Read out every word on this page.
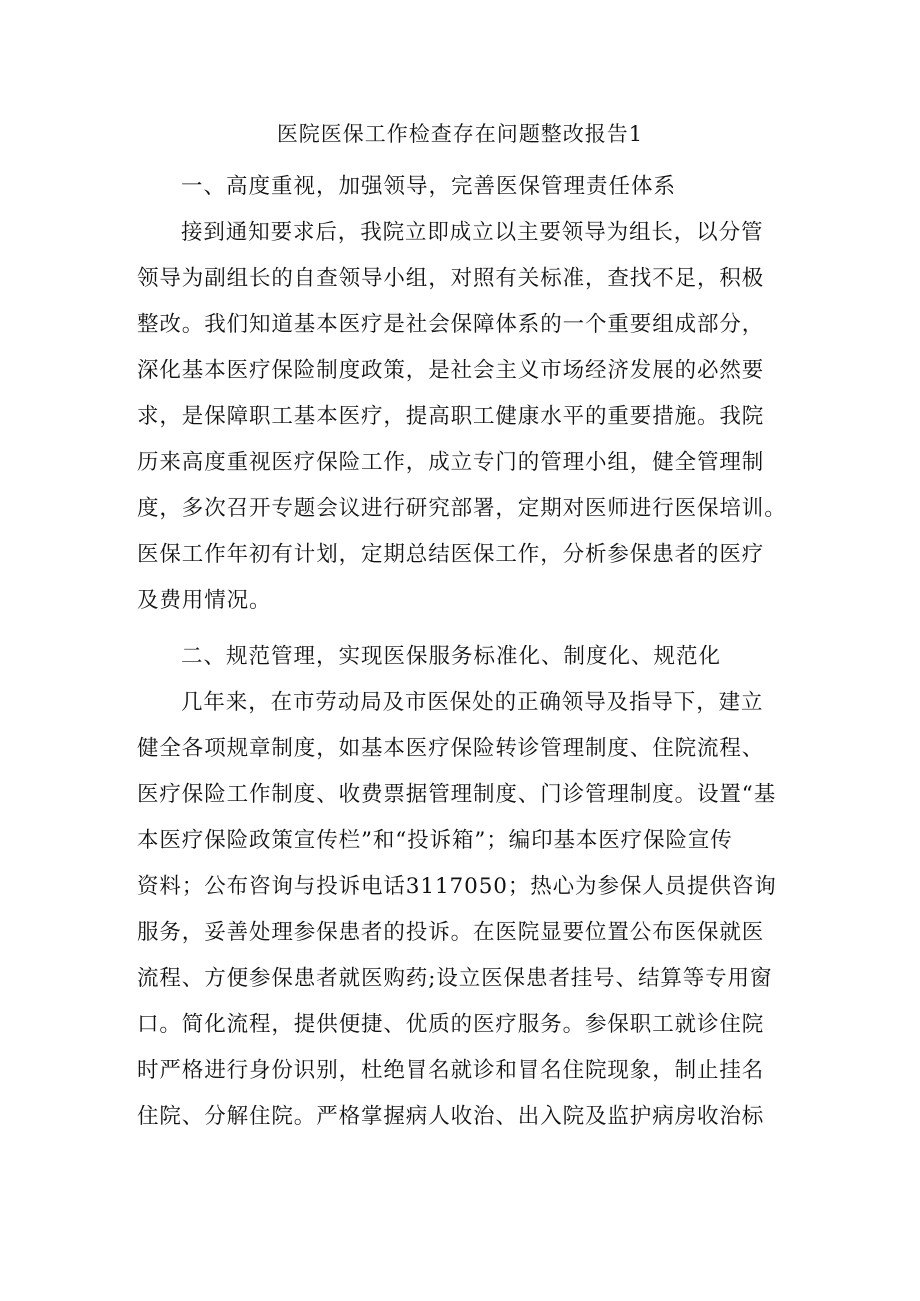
医院医保工作检查存在问题整改报告1
一、高度重视，加强领导，完善医保管理责任体系
接到通知要求后，我院立即成立以主要领导为组长，以分管
领导为副组长的自查领导小组，对照有关标准，查找不足，积极
整改。我们知道基本医疗是社会保障体系的一个重要组成部分，
深化基本医疗保险制度政策，是社会主义市场经济发展的必然要
求，是保障职工基本医疗，提高职工健康水平的重要措施。我院
历来高度重视医疗保险工作，成立专门的管理小组，健全管理制
度，多次召开专题会议进行研究部署，定期对医师进行医保培训。
医保工作年初有计划，定期总结医保工作，分析参保患者的医疗
及费用情况。
二、规范管理，实现医保服务标准化、制度化、规范化
几年来，在市劳动局及市医保处的正确领导及指导下，建立
健全各项规章制度，如基本医疗保险转诊管理制度、住院流程、
医疗保险工作制度、收费票据管理制度、门诊管理制度。设置“基
本医疗保险政策宣传栏”和“投诉箱”；编印基本医疗保险宣传
资料；公布咨询与投诉电话3117050；热心为参保人员提供咨询
服务，妥善处理参保患者的投诉。在医院显要位置公布医保就医
流程、方便参保患者就医购药;设立医保患者挂号、结算等专用窗
口。简化流程，提供便捷、优质的医疗服务。参保职工就诊住院
时严格进行身份识别，杜绝冒名就诊和冒名住院现象，制止挂名
住院、分解住院。严格掌握病人收治、出入院及监护病房收治标
